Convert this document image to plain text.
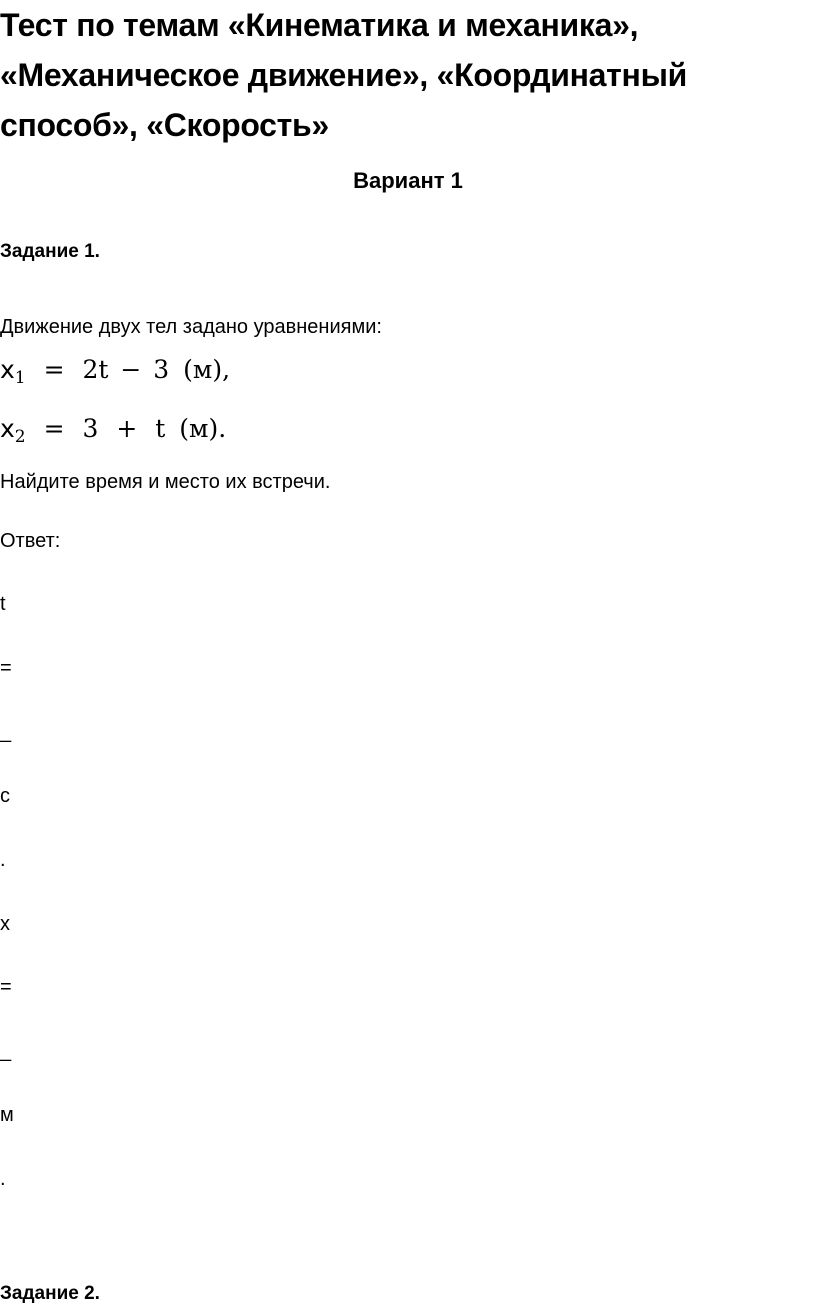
Тест по темам «Кинематика и механика»,
«Механическое движение», «Координатный
способ», «Скорость»
Вариант 1

Задание 1.

Движение двух тел задано уравнениями:

$x_1 = 2t - 3$ (м),
$x_2 = 3 + t$ (м).

Найдите время и место их встречи.

Ответ:

t

=

_

с

.

x

=

_

м

.

Задание 2.
